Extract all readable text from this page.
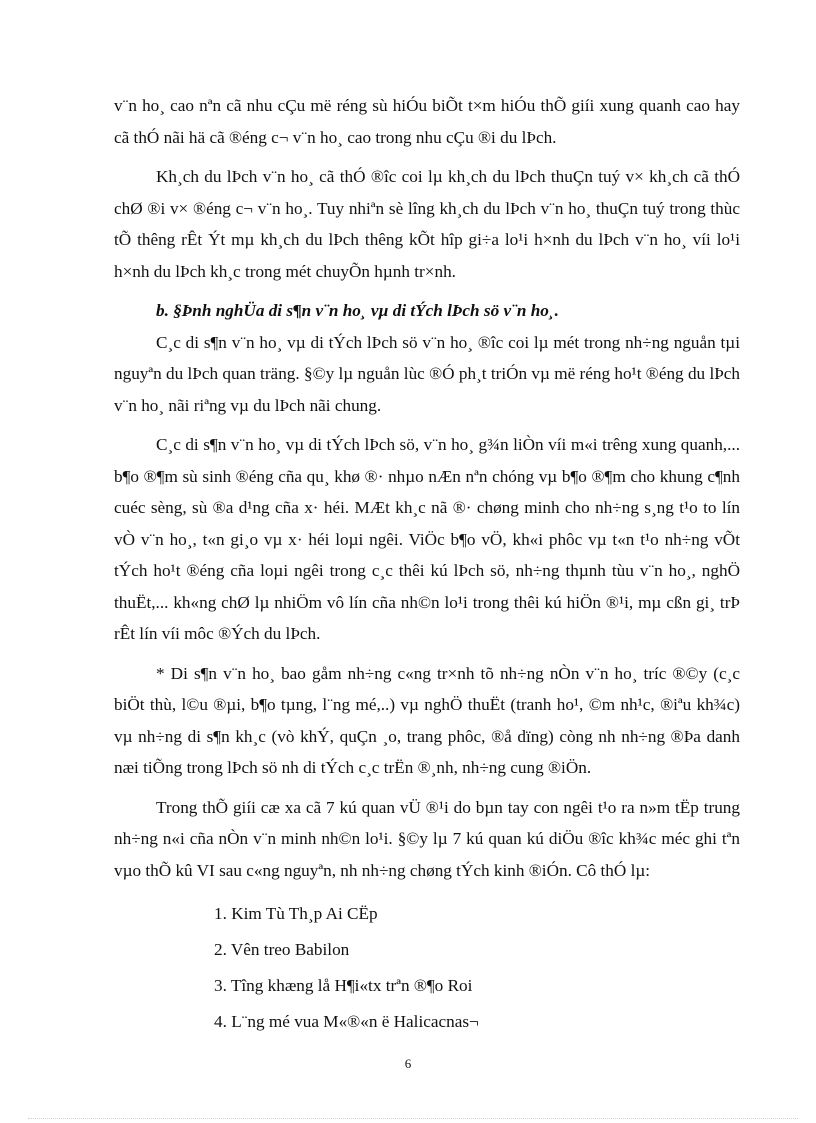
v¨n ho¸ cao nªn cã nhu cÇu më réng sù hiÓu biÕt t×m hiÓu thÕ giíi xung quanh cao hay cã thÓ nãi hä cã ®éng c¬ v¨n ho¸ cao trong nhu cÇu ®i du lÞch.

Kh¸ch du lÞch v¨n ho¸ cã thÓ ®îc coi lµ kh¸ch du lÞch thuÇn tuý v× kh¸ch cã thÓ chØ ®i v× ®éng c¬ v¨n ho¸. Tuy nhiªn sè lîng kh¸ch du lÞch v¨n ho¸ thuÇn tuý trong thùc tÕ thêng rÊt Ýt mµ kh¸ch du lÞch thêng kÕt hîp gi÷a lo¹i h×nh du lÞch v¨n ho¸ víi lo¹i h×nh du lÞch kh¸c trong mét chuyÕn hµnh tr×nh.

b. §Þnh nghÜa di s¶n v¨n ho¸ vµ di tÝch lÞch sö v¨n ho¸.

C¸c di s¶n v¨n ho¸ vµ di tÝch lÞch sö v¨n ho¸ ®îc coi lµ mét trong nh÷ng nguån tµi nguyªn du lÞch quan träng. §©y lµ nguån lùc ®Ó ph¸t triÓn vµ më réng ho¹t ®éng du lÞch v¨n ho¸ nãi riªng vµ du lÞch nãi chung.

C¸c di s¶n v¨n ho¸ vµ di tÝch lÞch sö, v¨n ho¸ g¾n liÒn víi m«i trêng xung quanh,... b¶o ®¶m sù sinh ®éng cña qu¸ khø ®· nhµo nÆn nªn chóng vµ b¶o ®¶m cho khung c¶nh cuéc sèng, sù ®a d¹ng cña x· héi. MÆt kh¸c nã ®· chøng minh cho nh÷ng s¸ng t¹o to lín vÒ v¨n ho¸, t«n gi¸o vµ x· héi loµi ngêi. ViÖc b¶o vÖ, kh«i phôc vµ t«n t¹o nh÷ng vÕt tÝch ho¹t ®éng cña loµi ngêi trong c¸c thêi kú lÞch sö, nh÷ng thµnh tùu v¨n ho¸, nghÖ thuËt,... kh«ng chØ lµ nhiÖm vô lín cña nh©n lo¹i trong thêi kú hiÖn ®¹i, mµ cßn gi¸ trÞ rÊt lín víi môc ®Ých du lÞch.

* Di s¶n v¨n ho¸ bao gåm nh÷ng c«ng tr×nh tõ nh÷ng nÒn v¨n ho¸ tríc ®©y (c¸c biÖt thù, l©u ®µi, b¶o tµng, l¨ng mé,..) vµ nghÖ thuËt (tranh ho¹, ©m nh¹c, ®iªu kh¾c) vµ nh÷ng di s¶n kh¸c (vò khÝ, quÇn ¸o, trang phôc, ®å dïng) còng nh nh÷ng ®Þa danh næi tiÕng trong lÞch sö nh di tÝch c¸c trËn ®¸nh, nh÷ng cung ®iÖn.

Trong thÕ giíi cæ xa cã 7 kú quan vÜ ®¹i do bµn tay con ngêi t¹o ra n»m tËp trung nh÷ng n«i cña nÒn v¨n minh nh©n lo¹i. §©y lµ 7 kú quan kú diÖu ®îc kh¾c méc ghi tªn vµo thÕ kû VI sau c«ng nguyªn, nh nh÷ng chøng tÝch kinh ®iÓn. Cô thÓ lµ:

1. Kim Tù Th¸p Ai CËp
2. Vên treo Babilon
3. Tîng khæng lå H¶i«tx trªn ®¶o Roi
4. L¨ng mé vua M«®«n ë Halicacnas¬
6
